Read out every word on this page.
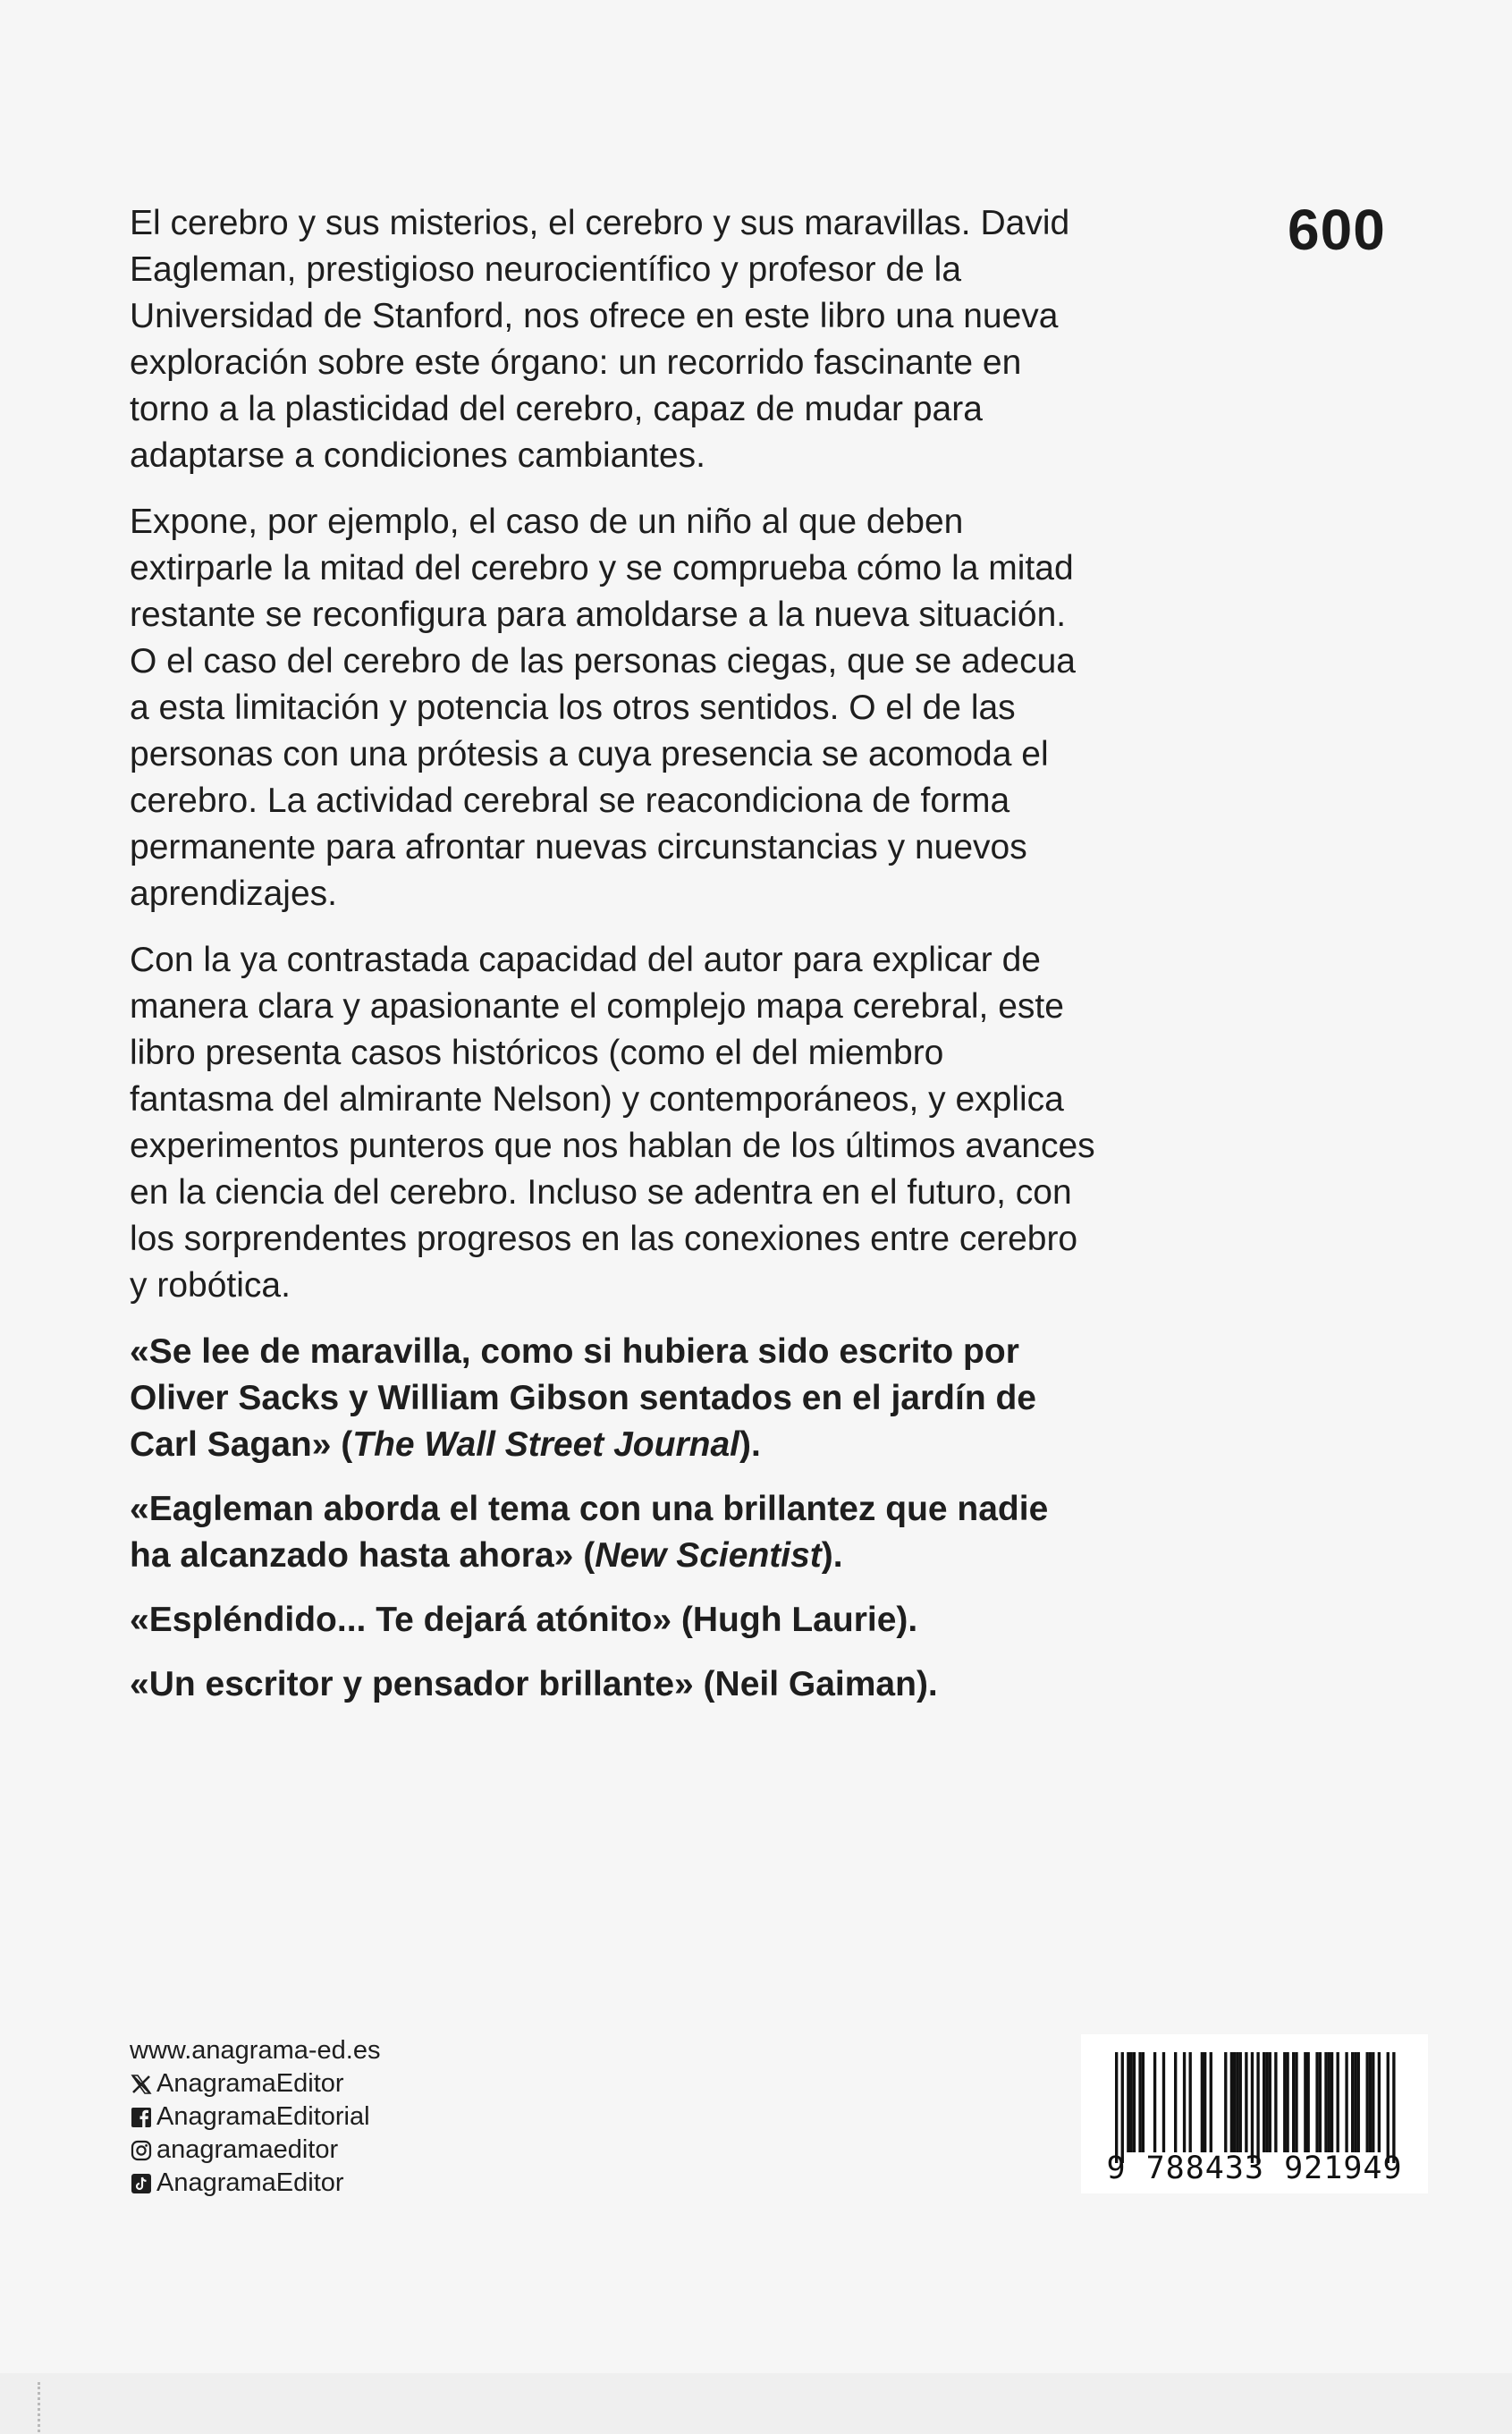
600

El cerebro y sus misterios, el cerebro y sus maravillas. David Eagleman, prestigioso neurocientífico y profesor de la Universidad de Stanford, nos ofrece en este libro una nueva exploración sobre este órgano: un recorrido fascinante en torno a la plasticidad del cerebro, capaz de mudar para adaptarse a condiciones cambiantes.

Expone, por ejemplo, el caso de un niño al que deben extirparle la mitad del cerebro y se comprueba cómo la mitad restante se reconfigura para amoldarse a la nueva situación. O el caso del cerebro de las personas ciegas, que se adecua a esta limitación y potencia los otros sentidos. O el de las personas con una prótesis a cuya presencia se acomoda el cerebro. La actividad cerebral se reacondiciona de forma permanente para afrontar nuevas circunstancias y nuevos aprendizajes.

Con la ya contrastada capacidad del autor para explicar de manera clara y apasionante el complejo mapa cerebral, este libro presenta casos históricos (como el del miembro fantasma del almirante Nelson) y contemporáneos, y explica experimentos punteros que nos hablan de los últimos avances en la ciencia del cerebro. Incluso se adentra en el futuro, con los sorprendentes progresos en las conexiones entre cerebro y robótica.

«Se lee de maravilla, como si hubiera sido escrito por Oliver Sacks y William Gibson sentados en el jardín de Carl Sagan» (The Wall Street Journal).

«Eagleman aborda el tema con una brillantez que nadie ha alcanzado hasta ahora» (New Scientist).

«Espléndido... Te dejará atónito» (Hugh Laurie).

«Un escritor y pensador brillante» (Neil Gaiman).

www.anagrama-ed.es
AnagramaEditor
AnagramaEditorial
anagramaeditor
AnagramaEditor	9 788433 921949
